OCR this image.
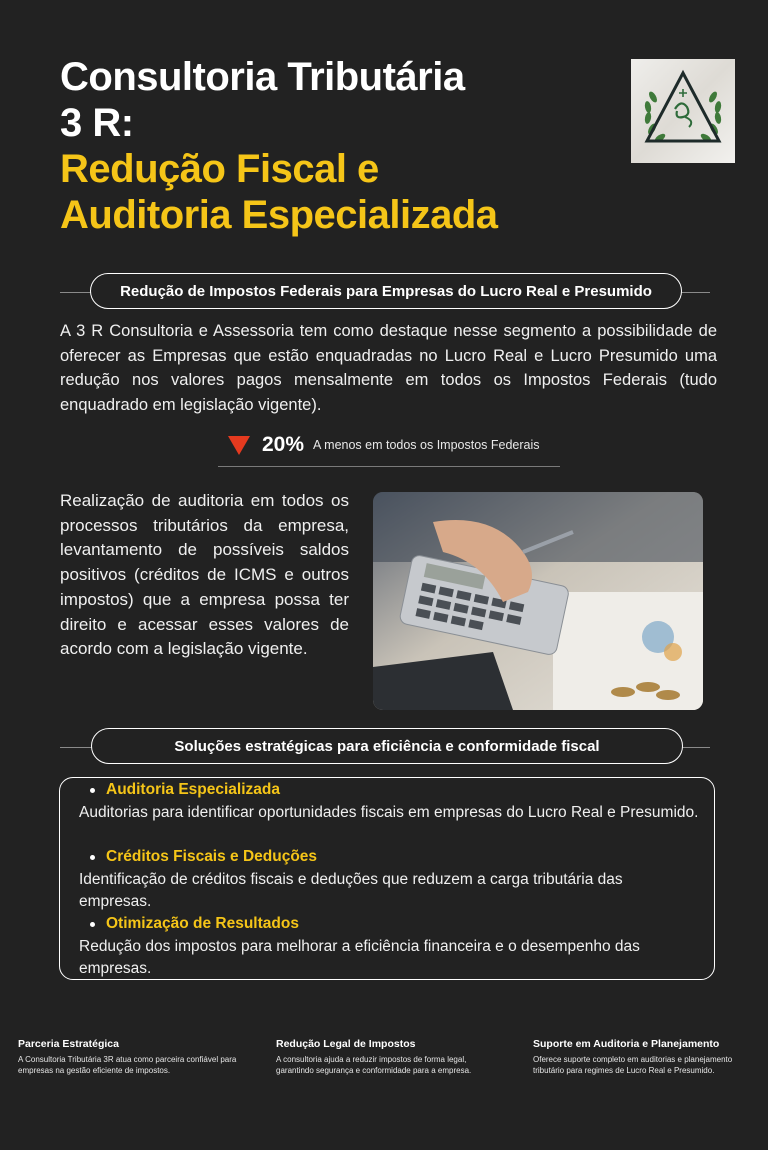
Consultoria Tributária
3 R:
Redução Fiscal e
Auditoria Especializada
Redução de Impostos Federais para Empresas do Lucro Real e Presumido

A 3 R Consultoria e Assessoria tem como destaque nesse segmento a possibilidade de oferecer as Empresas que estão enquadradas no Lucro Real e Lucro Presumido uma redução nos valores pagos mensalmente em todos os Impostos Federais (tudo enquadrado em legislação vigente).

20% A menos em todos os Impostos Federais

Realização de auditoria em todos os processos tributários da empresa, levantamento de possíveis saldos positivos (créditos de ICMS e outros impostos) que a empresa possa ter direito e acessar esses valores de acordo com a legislação vigente.

Soluções estratégicas para eficiência e conformidade fiscal
Auditoria Especializada

Auditorias para identificar oportunidades fiscais em empresas do Lucro Real e Presumido.

Créditos Fiscais e Deduções

Identificação de créditos fiscais e deduções que reduzem a carga tributária das empresas.

Otimização de Resultados

Redução dos impostos para melhorar a eficiência financeira e o desempenho das empresas.

Parceria Estratégica
A Consultoria Tributária 3R atua como parceira confiável para empresas na gestão eficiente de impostos.
Redução Legal de Impostos
A consultoria ajuda a reduzir impostos de forma legal, garantindo segurança e conformidade para a empresa.
Suporte em Auditoria e Planejamento
Oferece suporte completo em auditorias e planejamento tributário para regimes de Lucro Real e Presumido.
